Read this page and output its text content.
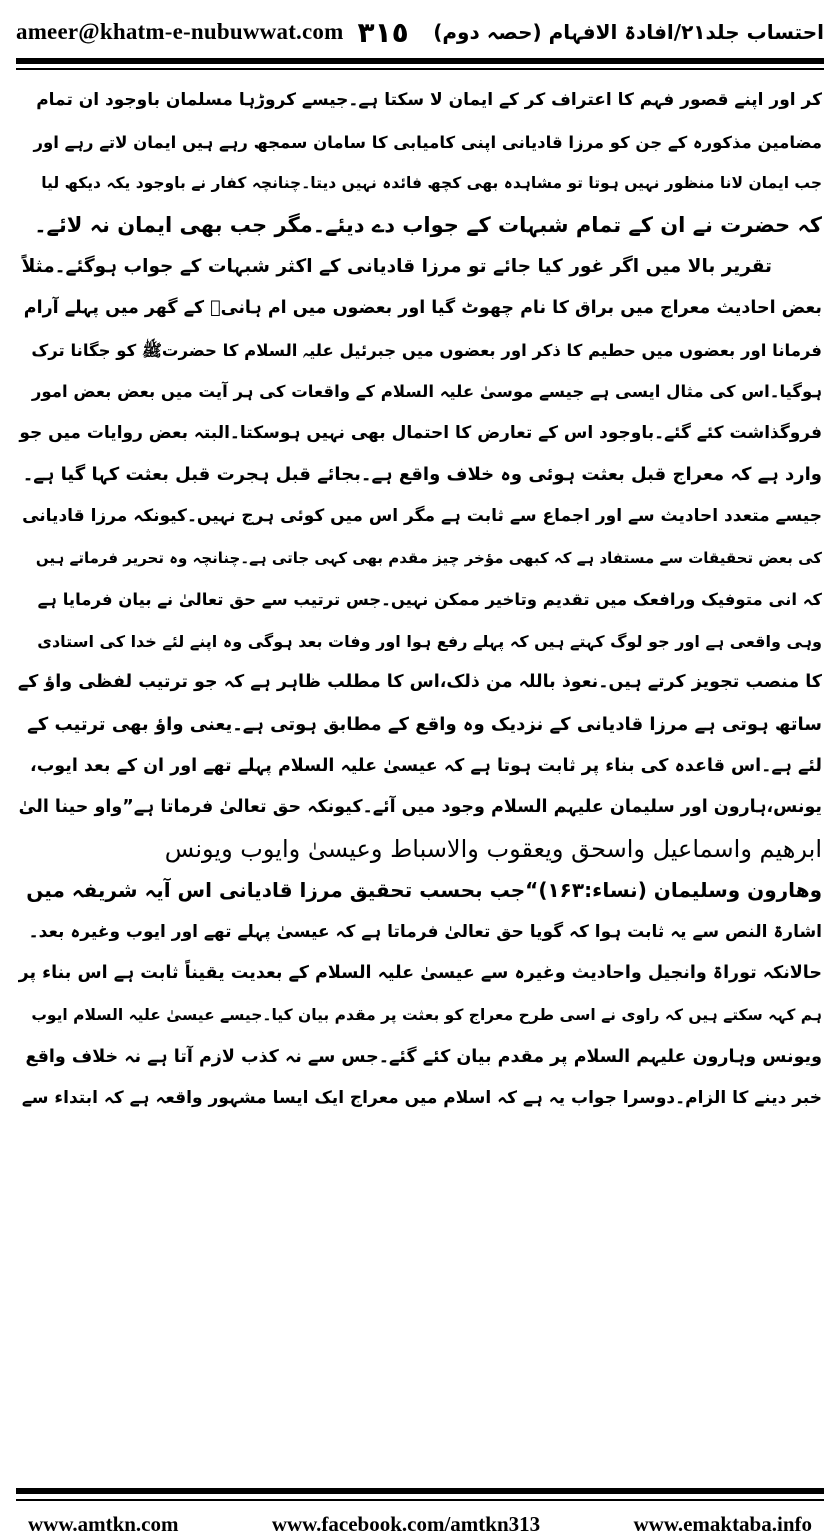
ameer@khatm-e-nubuwwat.com ٣١٥ احتساب جلد۲۱/افادۃ الافہام (حصہ دوم)
کر اور اپنے قصور فہم کا اعتراف کر کے ایمان لا سکتا ہے۔جیسے کروڑہا مسلمان باوجود ان تمام
مضامین مذکورہ کے جن کو مرزا قادیانی اپنی کامیابی کا سامان سمجھ رہے ہیں ایمان لاتے رہے اور
جب ایمان لانا منظور نہیں ہوتا تو مشاہدہ بھی کچھ فائدہ نہیں دیتا۔چنانچہ کفار نے باوجود یکہ دیکھ لیا
کہ حضرت نے ان کے تمام شبہات کے جواب دے دیئے۔مگر جب بھی ایمان نہ لائے۔
تقریر بالا میں اگر غور کیا جائے تو مرزا قادیانی کے اکثر شبہات کے جواب ہوگئے۔مثلاً
بعض احادیث معراج میں براق کا نام چھوٹ گیا اور بعضوں میں ام ہانیؓ کے گھر میں پہلے آرام
فرمانا اور بعضوں میں حطیم کا ذکر اور بعضوں میں جبرئیل علیہ السلام کا حضرتﷺ کو جگانا ترک
ہوگیا۔اس کی مثال ایسی ہے جیسے موسیٰ علیہ السلام کے واقعات کی ہر آیت میں بعض بعض امور
فروگذاشت کئے گئے۔باوجود اس کے تعارض کا احتمال بھی نہیں ہوسکتا۔البتہ بعض روایات میں جو
وارد ہے کہ معراج قبل بعثت ہوئی وہ خلاف واقع ہے۔بجائے قبل ہجرت قبل بعثت کہا گیا ہے۔
جیسے متعدد احادیث سے اور اجماع سے ثابت ہے مگر اس میں کوئی ہرج نہیں۔کیونکہ مرزا قادیانی
کی بعض تحقیقات سے مستفاد ہے کہ کبھی مؤخر چیز مقدم بھی کہی جاتی ہے۔چنانچہ وہ تحریر فرماتے ہیں
کہ انی متوفیک ورافعک میں تقدیم وتاخیر ممکن نہیں۔جس ترتیب سے حق تعالیٰ نے بیان فرمایا ہے
وہی واقعی ہے اور جو لوگ کہتے ہیں کہ پہلے رفع ہوا اور وفات بعد ہوگی وہ اپنے لئے خدا کی استادی
کا منصب تجویز کرتے ہیں۔نعوذ باللہ من ذلک،اس کا مطلب ظاہر ہے کہ جو ترتیب لفظی واؤ کے
ساتھ ہوتی ہے مرزا قادیانی کے نزدیک وہ واقع کے مطابق ہوتی ہے۔یعنی واؤ بھی ترتیب کے
لئے ہے۔اس قاعدہ کی بناء پر ثابت ہوتا ہے کہ عیسیٰ علیہ السلام پہلے تھے اور ان کے بعد ایوب،
یونس،ہارون اور سلیمان علیہم السلام وجود میں آئے۔کیونکہ حق تعالیٰ فرماتا ہے”واو حینا الیٰ
ابرھیم واسماعیل واسحق ویعقوب والاسباط وعیسیٰ وایوب ویونس
وھارون وسلیمان (نساء:۱۶۳)“جب بحسب تحقیق مرزا قادیانی اس آیہ شریفہ میں
اشارۃ النص سے یہ ثابت ہوا کہ گویا حق تعالیٰ فرماتا ہے کہ عیسیٰ پہلے تھے اور ایوب وغیرہ بعد۔
حالانکہ توراۃ وانجیل واحادیث وغیرہ سے عیسیٰ علیہ السلام کے بعدیت یقیناً ثابت ہے اس بناء پر
ہم کہہ سکتے ہیں کہ راوی نے اسی طرح معراج کو بعثت پر مقدم بیان کیا۔جیسے عیسیٰ علیہ السلام ایوب
ویونس وہارون علیہم السلام پر مقدم بیان کئے گئے۔جس سے نہ کذب لازم آتا ہے نہ خلاف واقع
خبر دینے کا الزام۔دوسرا جواب یہ ہے کہ اسلام میں معراج ایک ایسا مشہور واقعہ ہے کہ ابتداء سے
www.amtkn.com	www.facebook.com/amtkn313	www.emaktaba.info
